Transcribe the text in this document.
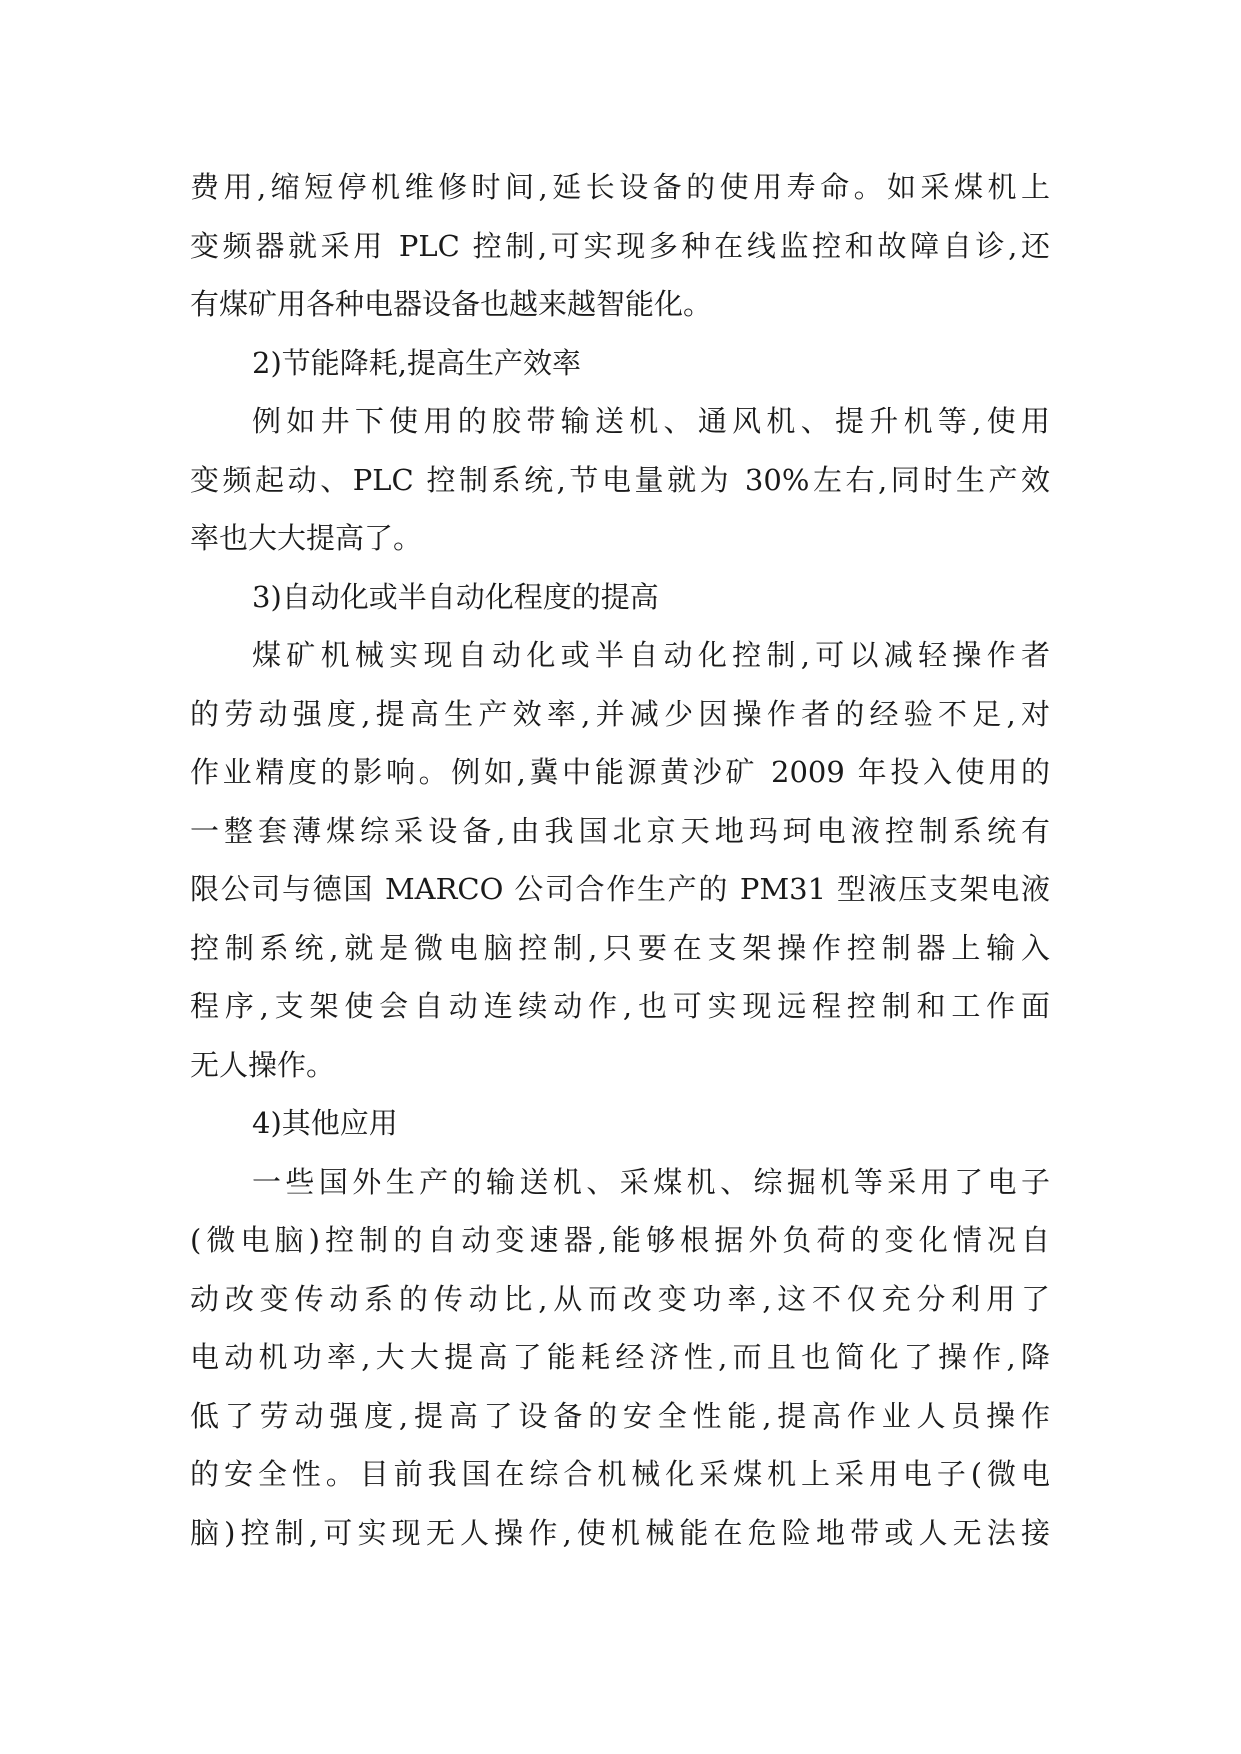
费用,缩短停机维修时间,延长设备的使用寿命。如采煤机上
变频器就采用 PLC 控制,可实现多种在线监控和故障自诊,还
有煤矿用各种电器设备也越来越智能化。
2)节能降耗,提高生产效率
例如井下使用的胶带输送机、通风机、提升机等,使用
变频起动、PLC 控制系统,节电量就为 30%左右,同时生产效
率也大大提高了。
3)自动化或半自动化程度的提高
煤矿机械实现自动化或半自动化控制,可以减轻操作者
的劳动强度,提高生产效率,并减少因操作者的经验不足,对
作业精度的影响。例如,冀中能源黄沙矿 2009 年投入使用的
一整套薄煤综采设备,由我国北京天地玛珂电液控制系统有
限公司与德国 MARCO 公司合作生产的 PM31 型液压支架电液
控制系统,就是微电脑控制,只要在支架操作控制器上输入
程序,支架使会自动连续动作,也可实现远程控制和工作面
无人操作。
4)其他应用
一些国外生产的输送机、采煤机、综掘机等采用了电子
(微电脑)控制的自动变速器,能够根据外负荷的变化情况自
动改变传动系的传动比,从而改变功率,这不仅充分利用了
电动机功率,大大提高了能耗经济性,而且也简化了操作,降
低了劳动强度,提高了设备的安全性能,提高作业人员操作
的安全性。目前我国在综合机械化采煤机上采用电子(微电
脑)控制,可实现无人操作,使机械能在危险地带或人无法接
